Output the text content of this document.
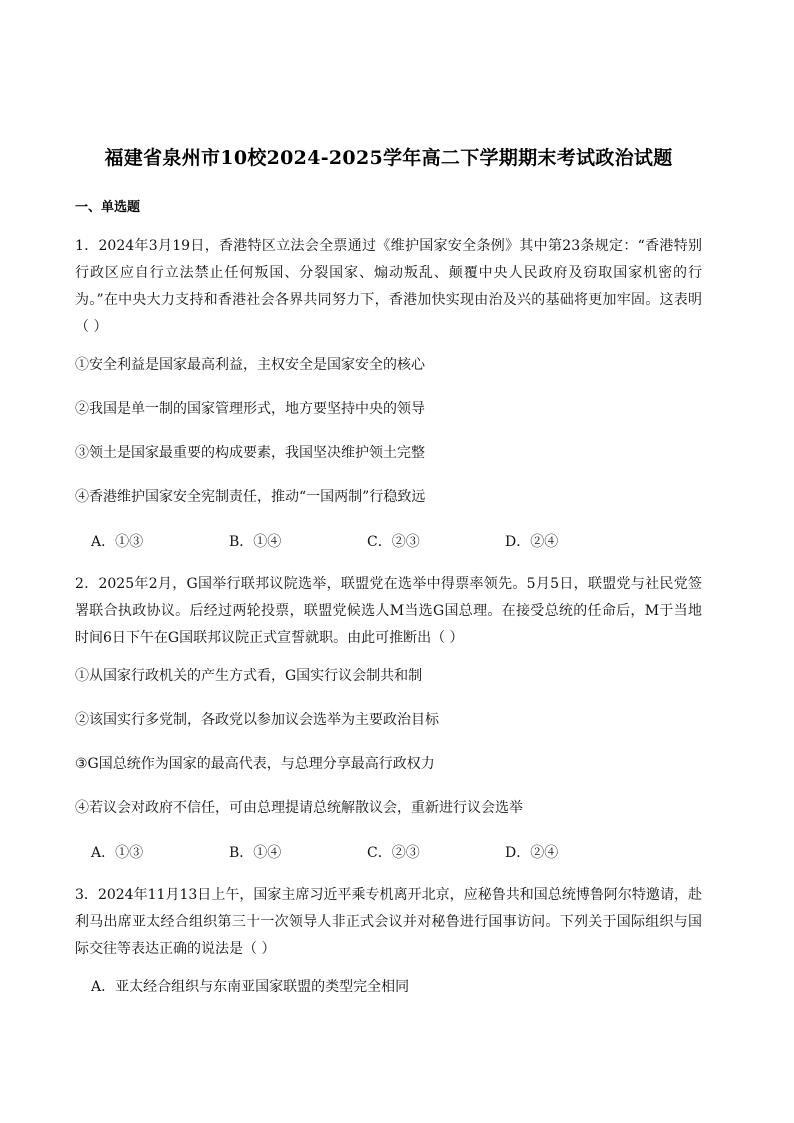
福建省泉州市10校2024-2025学年高二下学期期末考试政治试题
一、单选题
1．2024年3月19日，香港特区立法会全票通过《维护国家安全条例》其中第23条规定：“香港特别行政区应自行立法禁止任何叛国、分裂国家、煽动叛乱、颠覆中央人民政府及窃取国家机密的行为。”在中央大力支持和香港社会各界共同努力下，香港加快实现由治及兴的基础将更加牢固。这表明（ ）
①安全利益是国家最高利益，主权安全是国家安全的核心
②我国是单一制的国家管理形式，地方要坚持中央的领导
③领土是国家最重要的构成要素，我国坚决维护领土完整
④香港维护国家安全宪制责任，推动“一国两制”行稳致远
A．①③	B．①④	C．②③	D．②④
2．2025年2月，G国举行联邦议院选举，联盟党在选举中得票率领先。5月5日，联盟党与社民党签署联合执政协议。后经过两轮投票，联盟党候选人M当选G国总理。在接受总统的任命后，M于当地时间6日下午在G国联邦议院正式宣誓就职。由此可推断出（ ）
①从国家行政机关的产生方式看，G国实行议会制共和制
②该国实行多党制，各政党以参加议会选举为主要政治目标
③G国总统作为国家的最高代表，与总理分享最高行政权力
④若议会对政府不信任，可由总理提请总统解散议会，重新进行议会选举
A．①③	B．①④	C．②③	D．②④
3．2024年11月13日上午，国家主席习近平乘专机离开北京，应秘鲁共和国总统博鲁阿尔特邀请，赴利马出席亚太经合组织第三十一次领导人非正式会议并对秘鲁进行国事访问。下列关于国际组织与国际交往等表达正确的说法是（ ）
A．亚太经合组织与东南亚国家联盟的类型完全相同
